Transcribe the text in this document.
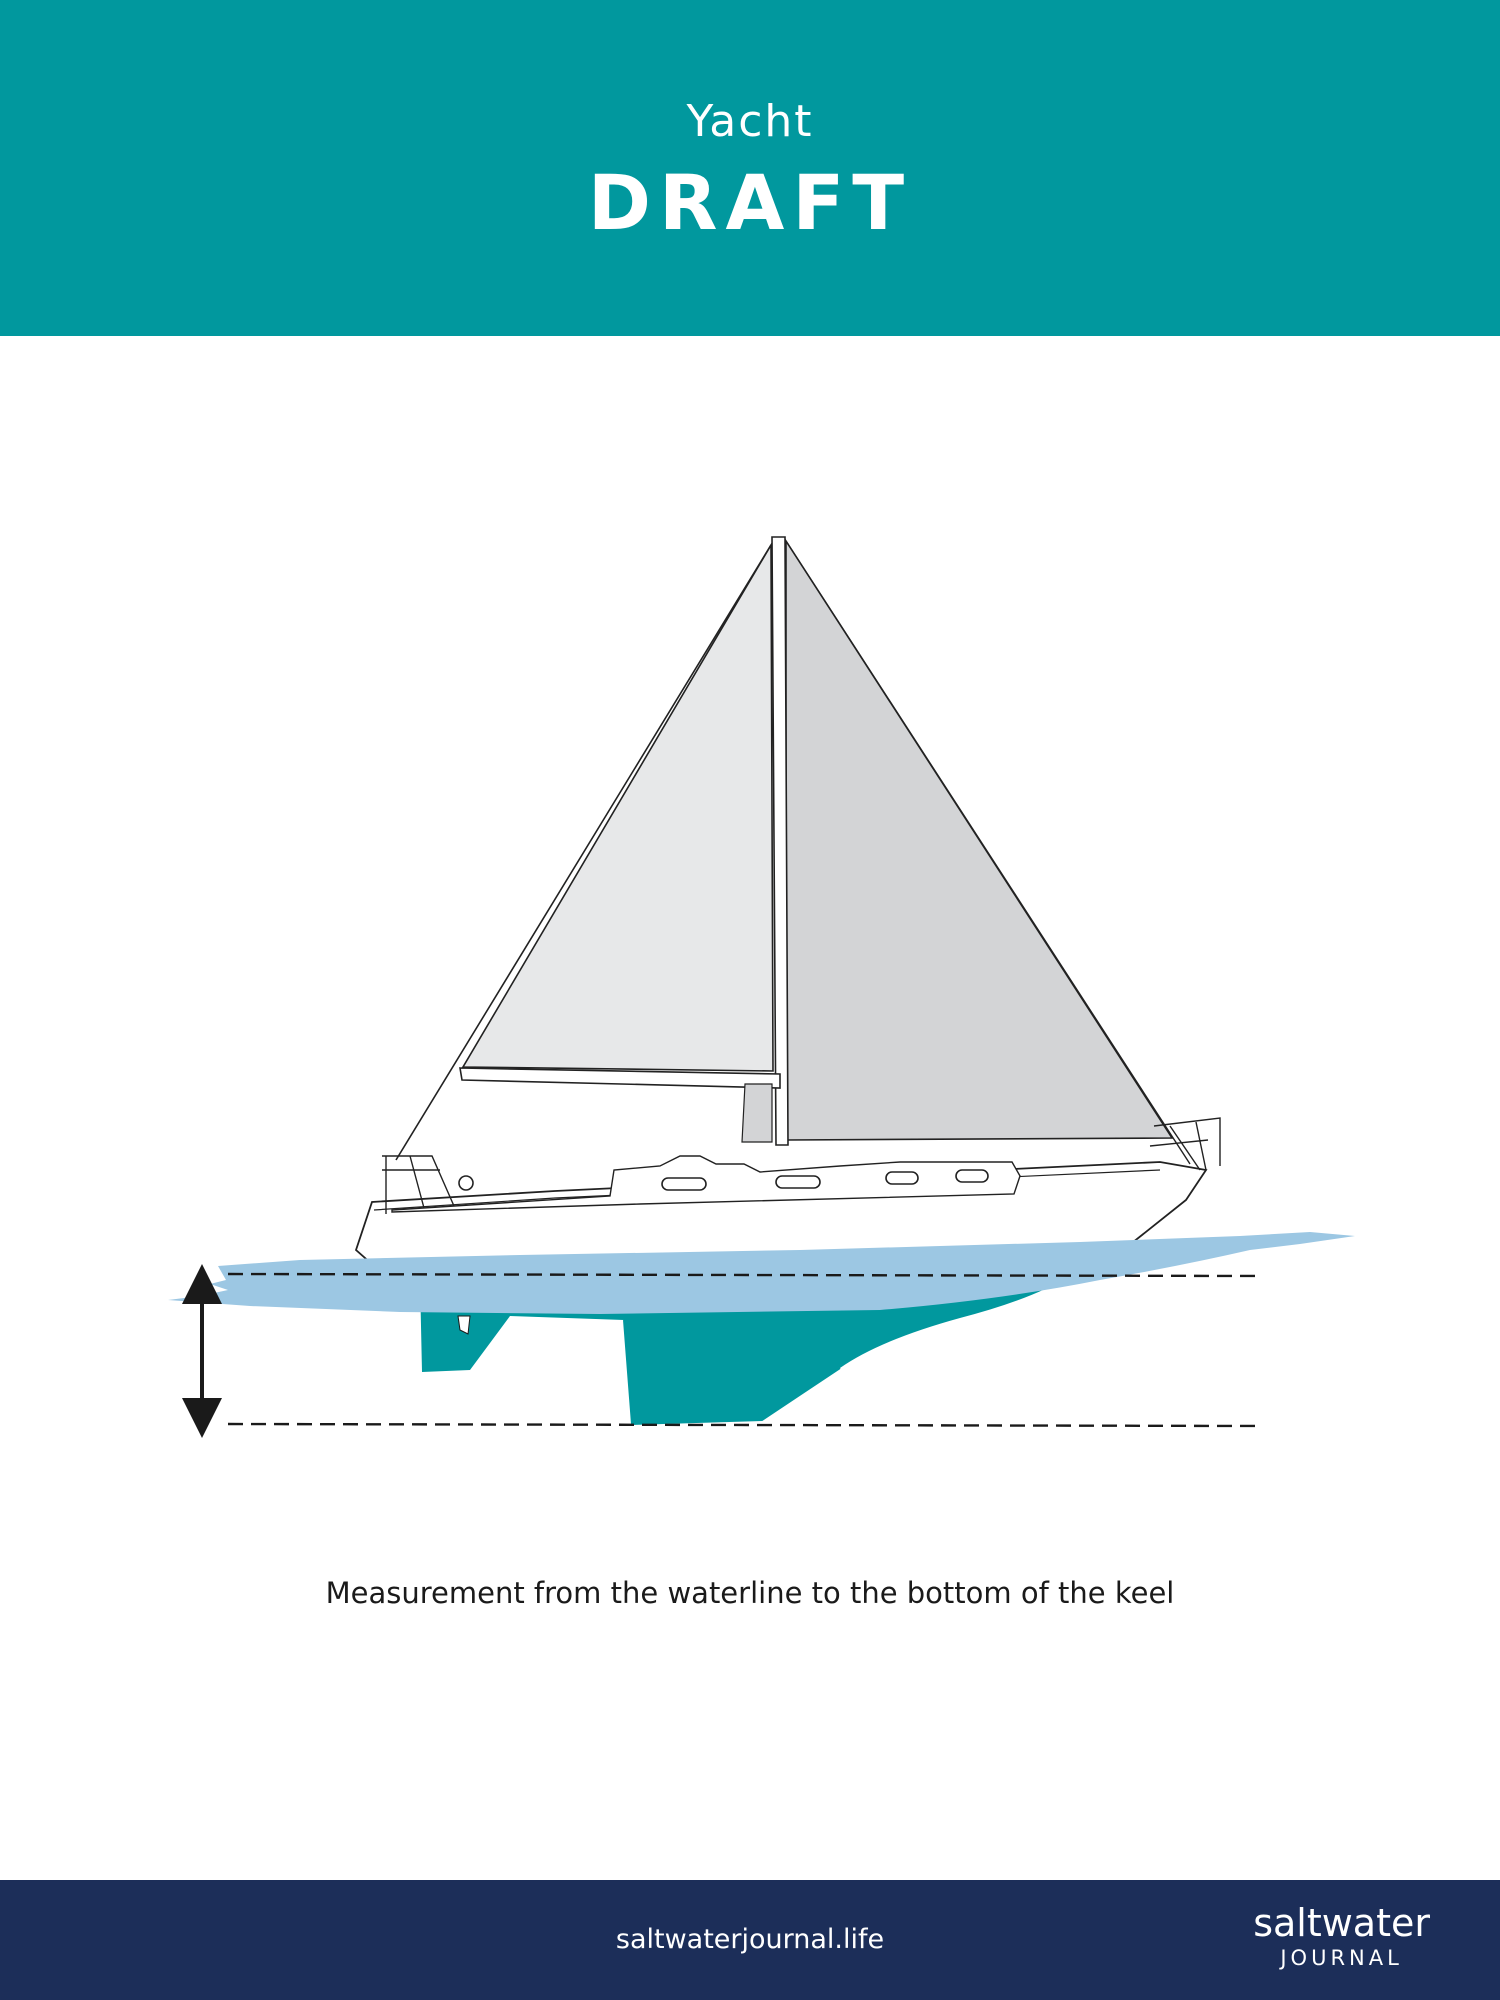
Yacht
DRAFT
Measurement from the waterline to the bottom of the keel
saltwaterjournal.life	saltwater
JOURNAL
